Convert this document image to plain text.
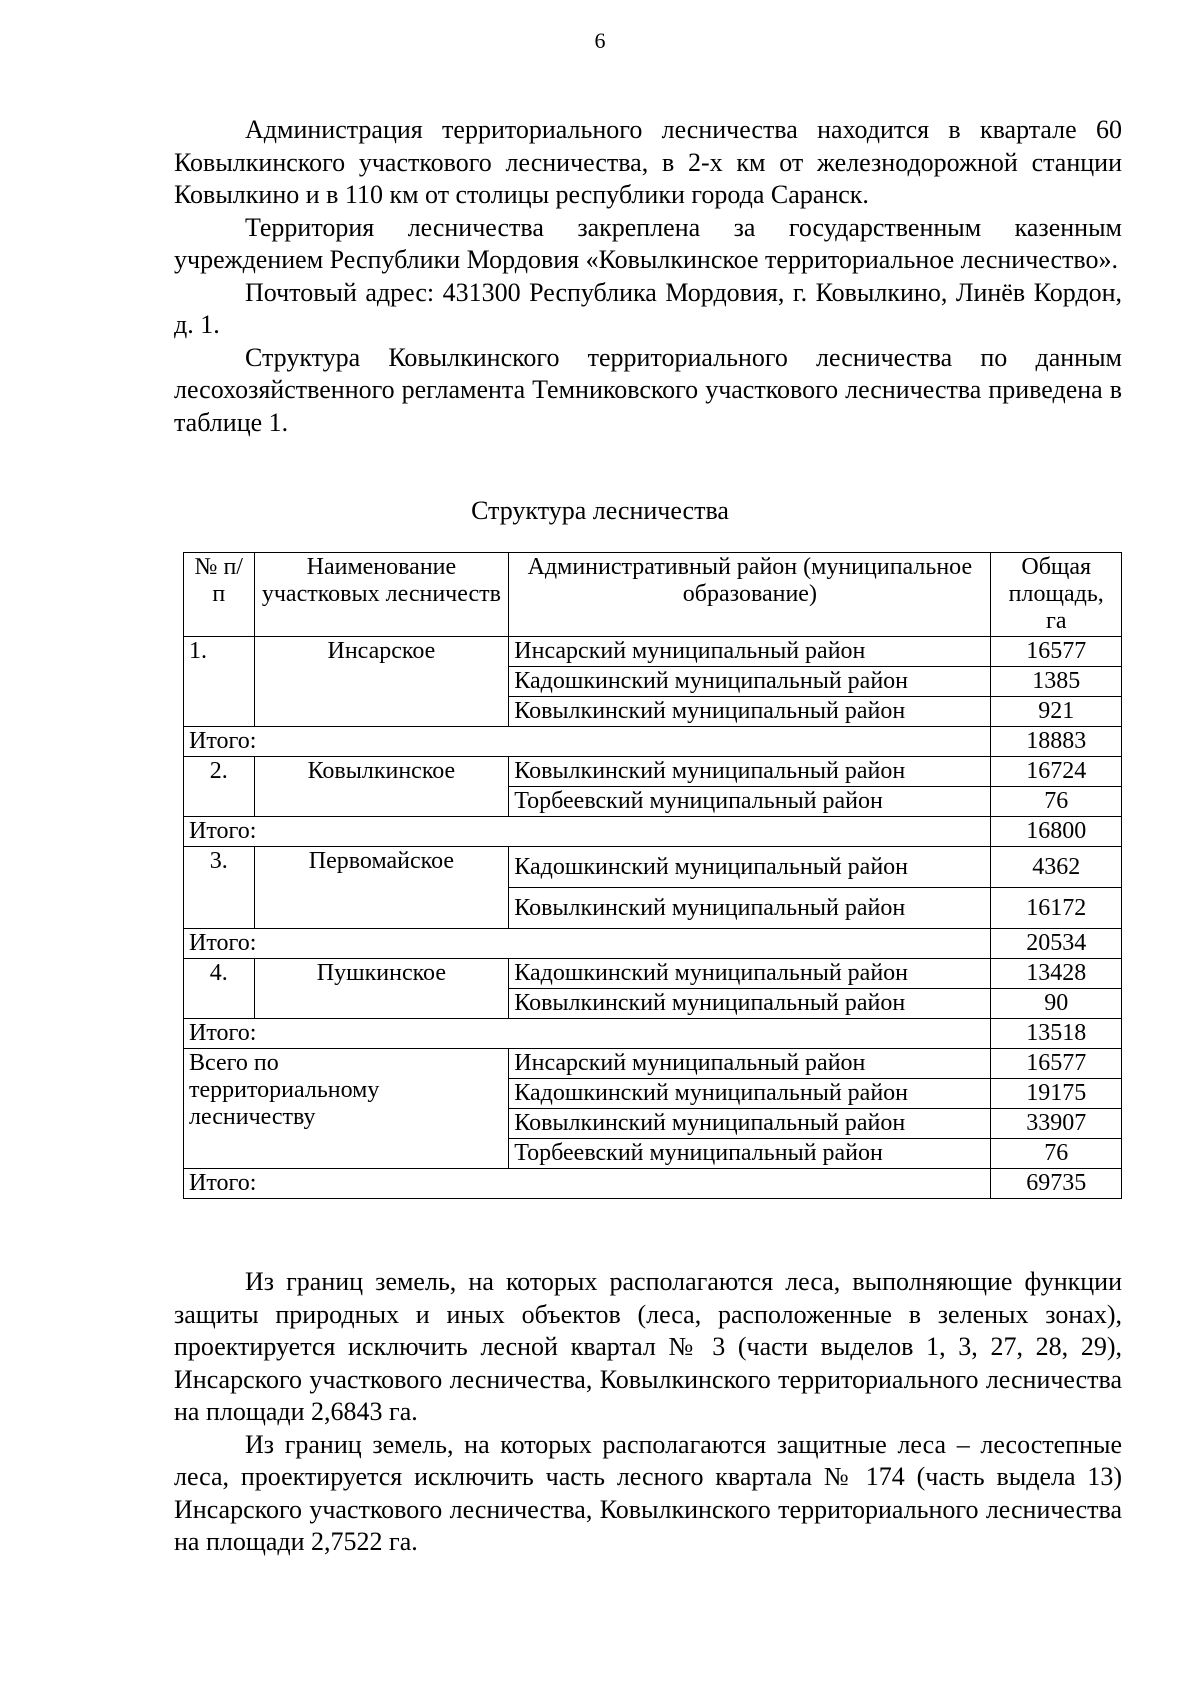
6

Администрация территориального лесничества находится в квартале 60 Ковылкинского участкового лесничества, в 2-х км от железнодорожной станции Ковылкино и в 110 км от столицы республики города Саранск.

Территория лесничества закреплена за государственным казенным учреждением Республики Мордовия «Ковылкинское территориальное лесничество».

Почтовый адрес: 431300 Республика Мордовия, г. Ковылкино, Линёв Кордон, д. 1.

Структура Ковылкинского территориального лесничества по данным лесохозяйственного регламента Темниковского участкового лесничества приведена в таблице 1.

Структура лесничества
№ п/п	Наименование участковых лесничеств	Административный район (муниципальное образование)	Общая площадь, га
1.	Инсарское	Инсарский муниципальный район	16577
		Кадошкинский муниципальный район	1385
		Ковылкинский муниципальный район	921
Итого:			18883
2.	Ковылкинское	Ковылкинский муниципальный район	16724
		Торбеевский муниципальный район	76
Итого:			16800
3.	Первомайское	Кадошкинский муниципальный район	4362
		Ковылкинский муниципальный район	16172
Итого:			20534
4.	Пушкинское	Кадошкинский муниципальный район	13428
		Ковылкинский муниципальный район	90
Итого:			13518
Всего по территориальному лесничеству		Инсарский муниципальный район	16577
		Кадошкинский муниципальный район	19175
		Ковылкинский муниципальный район	33907
		Торбеевский муниципальный район	76
Итого:			69735

Из границ земель, на которых располагаются леса, выполняющие функции защиты природных и иных объектов (леса, расположенные в зеленых зонах), проектируется исключить лесной квартал № 3 (части выделов 1, 3, 27, 28, 29), Инсарского участкового лесничества, Ковылкинского территориального лесничества на площади 2,6843 га.

Из границ земель, на которых располагаются защитные леса – лесостепные леса, проектируется исключить часть лесного квартала № 174 (часть выдела 13) Инсарского участкового лесничества, Ковылкинского территориального лесничества на площади 2,7522 га.
